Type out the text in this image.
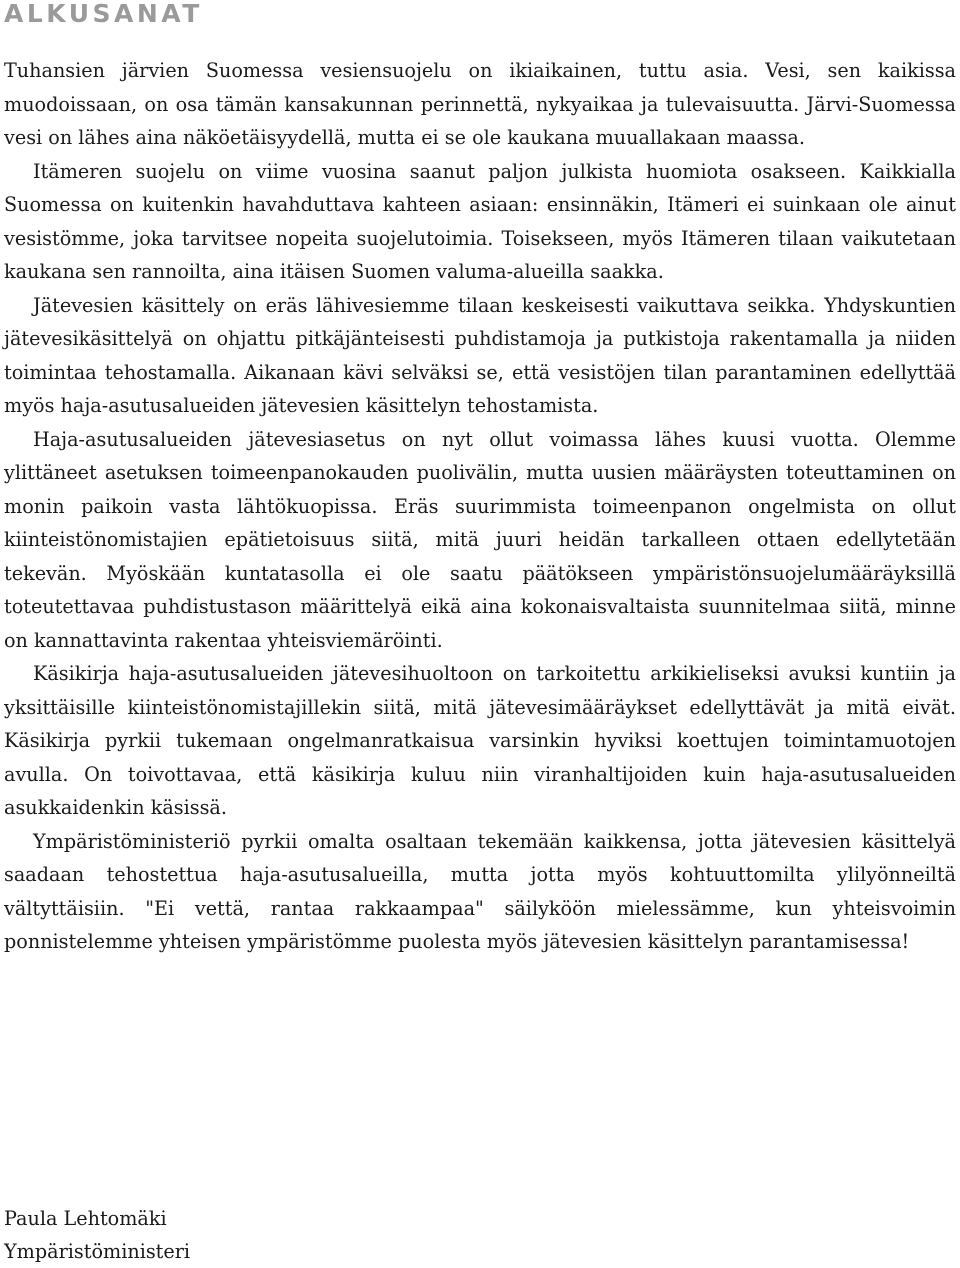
ALKUSANAT

Tuhansien järvien Suomessa vesiensuojelu on ikiaikainen, tuttu asia. Vesi, sen kaikissa muodoissaan, on osa tämän kansakunnan perinnettä, nykyaikaa ja tulevaisuutta. Järvi-Suomessa vesi on lähes aina näköetäisyydellä, mutta ei se ole kaukana muuallakaan maassa.

Itämeren suojelu on viime vuosina saanut paljon julkista huomiota osakseen. Kaikkialla Suomessa on kuitenkin havahduttava kahteen asiaan: ensinnäkin, Itämeri ei suinkaan ole ainut vesistömme, joka tarvitsee nopeita suojelutoimia. Toisekseen, myös Itämeren tilaan vaikutetaan kaukana sen rannoilta, aina itäisen Suomen valuma-alueilla saakka.

Jätevesien käsittely on eräs lähivesiemme tilaan keskeisesti vaikuttava seikka. Yhdyskuntien jätevesikäsittelyä on ohjattu pitkäjänteisesti puhdistamoja ja putkistoja rakentamalla ja niiden toimintaa tehostamalla. Aikanaan kävi selväksi se, että vesistöjen tilan parantaminen edellyttää myös haja-asutusalueiden jätevesien käsittelyn tehostamista.

Haja-asutusalueiden jätevesiasetus on nyt ollut voimassa lähes kuusi vuotta. Olemme ylittäneet asetuksen toimeenpanokauden puolivälin, mutta uusien määräysten toteuttaminen on monin paikoin vasta lähtökuopissa. Eräs suurimmista toimeenpanon ongelmista on ollut kiinteistönomistajien epätietoisuus siitä, mitä juuri heidän tarkalleen ottaen edellytetään tekevän. Myöskään kuntatasolla ei ole saatu päätökseen ympäristönsuojelumääräyksillä toteutettavaa puhdistustason määrittelyä eikä aina kokonaisvaltaista suunnitelmaa siitä, minne on kannattavinta rakentaa yhteisviemäröinti.

Käsikirja haja-asutusalueiden jätevesihuoltoon on tarkoitettu arkikieliseksi avuksi kuntiin ja yksittäisille kiinteistönomistajillekin siitä, mitä jätevesimääräykset edellyttävät ja mitä eivät. Käsikirja pyrkii tukemaan ongelmanratkaisua varsinkin hyviksi koettujen toimintamuotojen avulla. On toivottavaa, että käsikirja kuluu niin viranhaltijoiden kuin haja-asutusalueiden asukkaidenkin käsissä.

Ympäristöministeriö pyrkii omalta osaltaan tekemään kaikkensa, jotta jätevesien käsittelyä saadaan tehostettua haja-asutusalueilla, mutta jotta myös kohtuuttomilta ylilyönneiltä vältyttäisiin. "Ei vettä, rantaa rakkaampaa" säilyköön mielessämme, kun yhteisvoimin ponnistelemme yhteisen ympäristömme puolesta myös jätevesien käsittelyn parantamisessa!

Paula Lehtomäki
Ympäristöministeri
